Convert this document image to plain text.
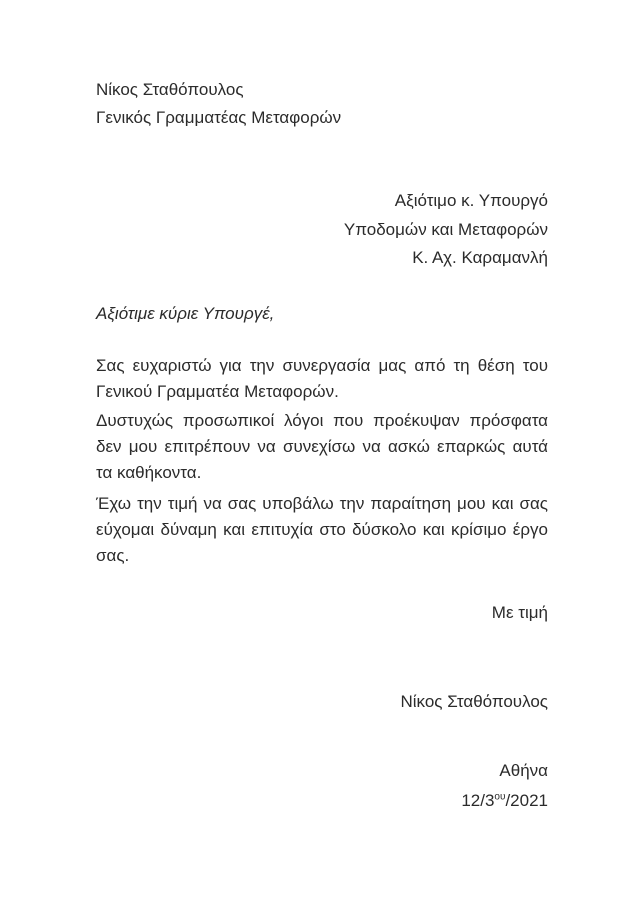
Νίκος Σταθόπουλος
Γενικός Γραμματέας Μεταφορών
Αξιότιμο κ. Υπουργό
Υποδομών και Μεταφορών
Κ. Αχ. Καραμανλή
Αξιότιμε κύριε Υπουργέ,
Σας ευχαριστώ για την συνεργασία μας από τη θέση του Γενικού Γραμματέα Μεταφορών.
Δυστυχώς προσωπικοί λόγοι που προέκυψαν πρόσφατα δεν μου επιτρέπουν να συνεχίσω να ασκώ επαρκώς αυτά τα καθήκοντα.
Έχω την τιμή να σας υποβάλω την παραίτηση μου και σας εύχομαι δύναμη και επιτυχία στο δύσκολο και κρίσιμο έργο σας.
Με τιμή
Νίκος Σταθόπουλος
Αθήνα
$12/3^{o\upsilon}/2021$
